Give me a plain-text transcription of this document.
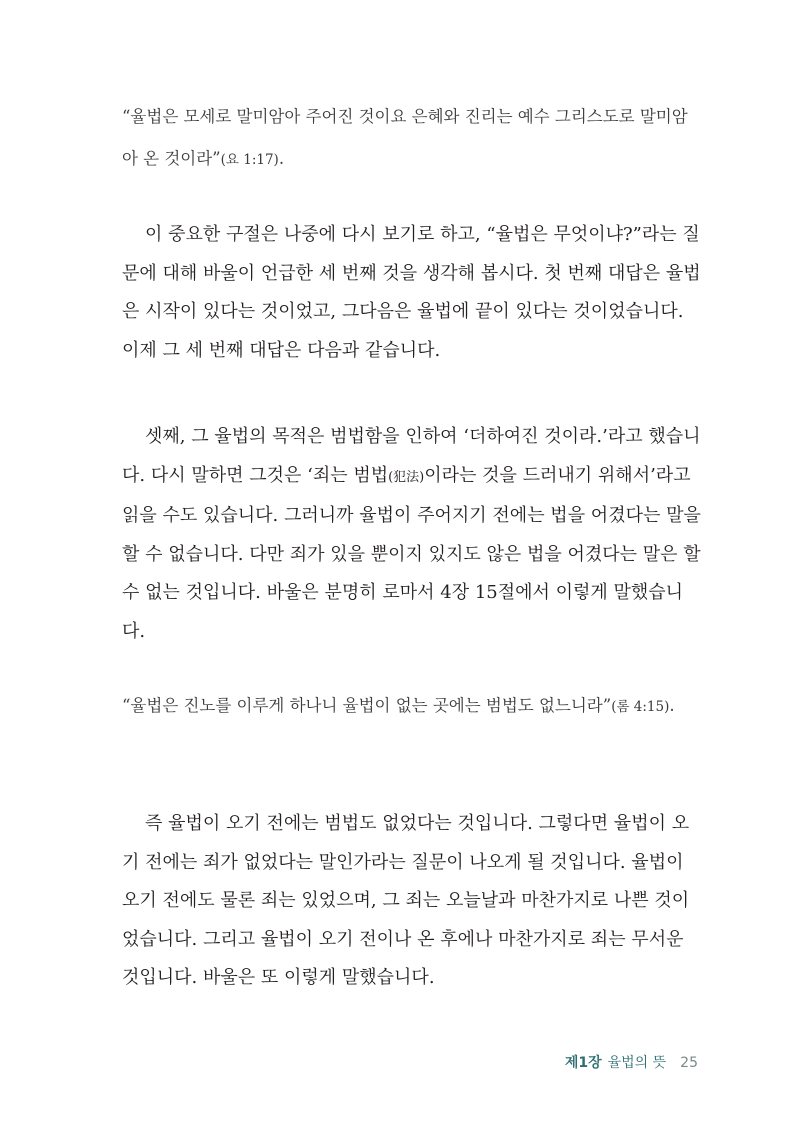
“율법은 모세로 말미암아 주어진 것이요 은혜와 진리는 예수 그리스도로 말미암아 온 것이라”(요 1:17).
이 중요한 구절은 나중에 다시 보기로 하고, “율법은 무엇이냐?”라는 질문에 대해 바울이 언급한 세 번째 것을 생각해 봅시다. 첫 번째 대답은 율법은 시작이 있다는 것이었고, 그다음은 율법에 끝이 있다는 것이었습니다. 이제 그 세 번째 대답은 다음과 같습니다.
셋째, 그 율법의 목적은 범법함을 인하여 ‘더하여진 것이라.’라고 했습니다. 다시 말하면 그것은 ‘죄는 범법(犯法)이라는 것을 드러내기 위해서’라고 읽을 수도 있습니다. 그러니까 율법이 주어지기 전에는 법을 어겼다는 말을 할 수 없습니다. 다만 죄가 있을 뿐이지 있지도 않은 법을 어겼다는 말은 할 수 없는 것입니다. 바울은 분명히 로마서 4장 15절에서 이렇게 말했습니다.
“율법은 진노를 이루게 하나니 율법이 없는 곳에는 범법도 없느니라”(롬 4:15).
즉 율법이 오기 전에는 범법도 없었다는 것입니다. 그렇다면 율법이 오기 전에는 죄가 없었다는 말인가라는 질문이 나오게 될 것입니다. 율법이 오기 전에도 물론 죄는 있었으며, 그 죄는 오늘날과 마찬가지로 나쁜 것이었습니다. 그리고 율법이 오기 전이나 온 후에나 마찬가지로 죄는 무서운 것입니다. 바울은 또 이렇게 말했습니다.
제1장 율법의 뜻 25
